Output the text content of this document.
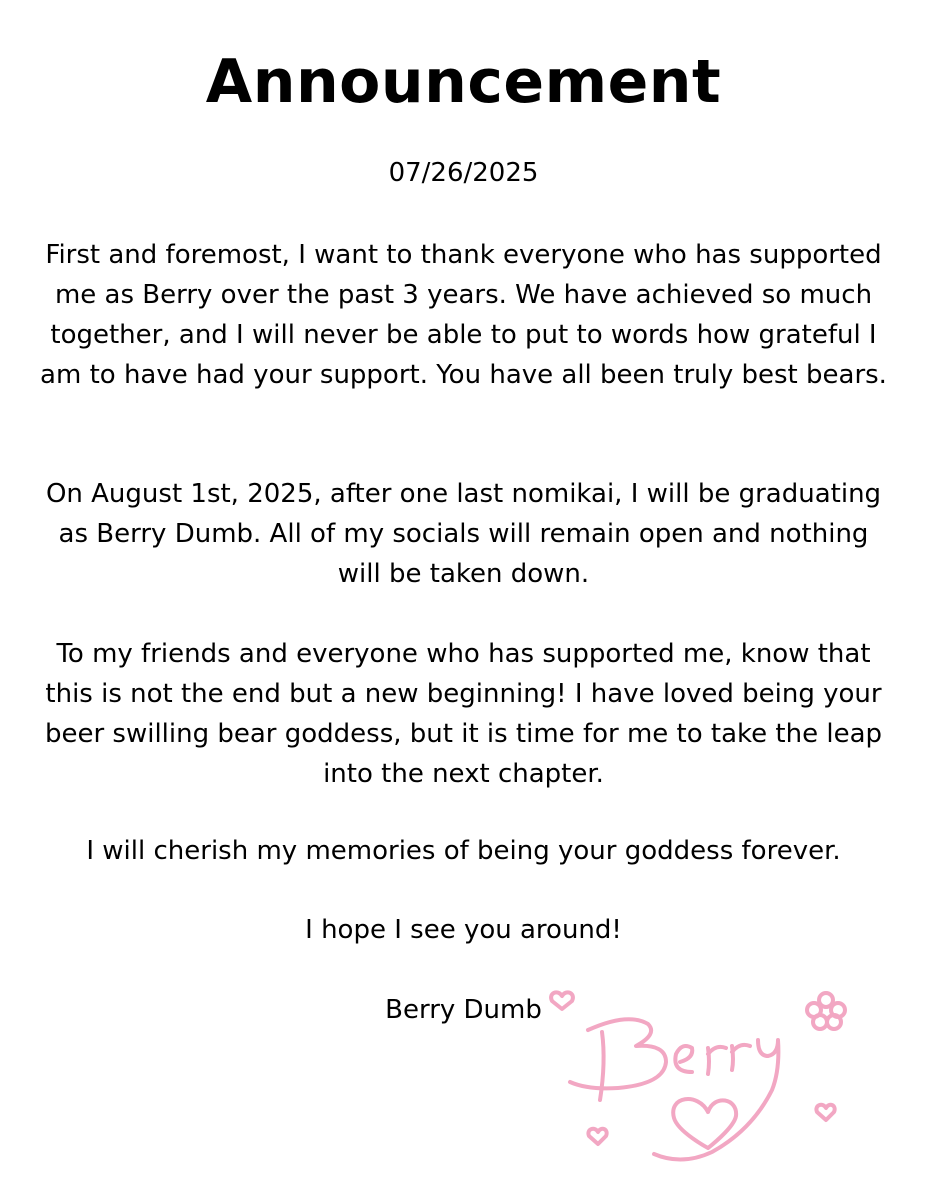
Announcement

07/26/2025

First and foremost, I want to thank everyone who has supported me as Berry over the past 3 years. We have achieved so much together, and I will never be able to put to words how grateful I am to have had your support. You have all been truly best bears.

On August 1st, 2025, after one last nomikai, I will be graduating as Berry Dumb. All of my socials will remain open and nothing will be taken down.

To my friends and everyone who has supported me, know that this is not the end but a new beginning! I have loved being your beer swilling bear goddess, but it is time for me to take the leap into the next chapter.

I will cherish my memories of being your goddess forever.

I hope I see you around!

Berry Dumb
